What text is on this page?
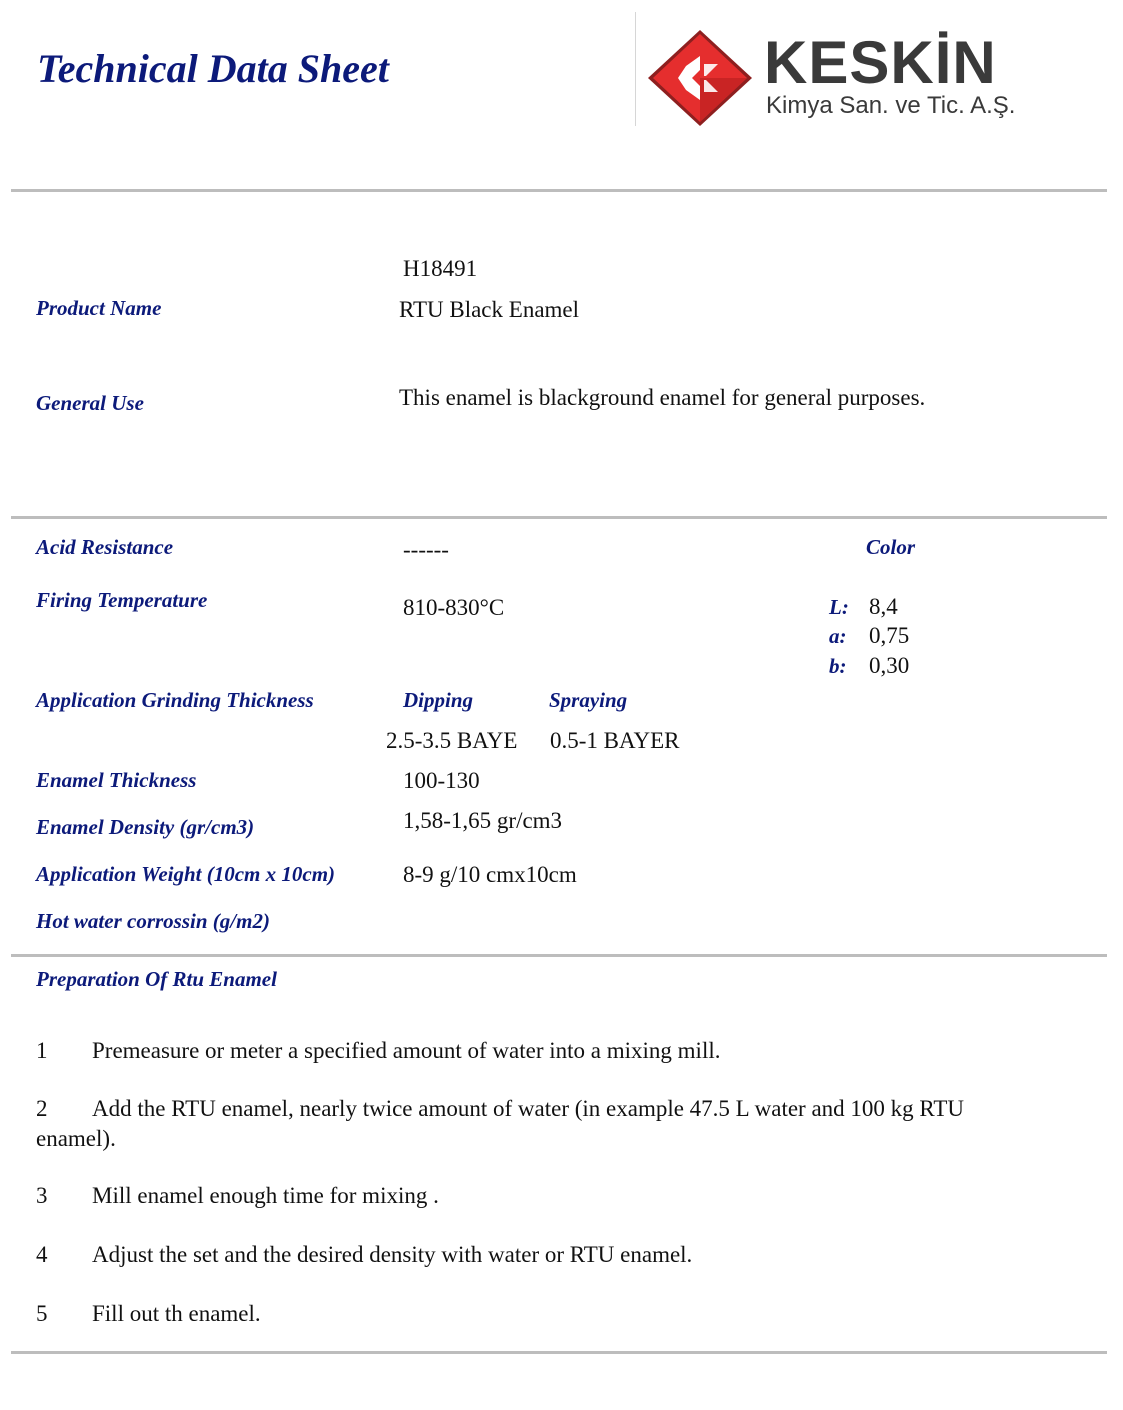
Technical Data Sheet	KESKİN
Kimya San. ve Tic. A.Ş.
H18491
Product Name	RTU Black Enamel
General Use	This enamel is blackground enamel for general purposes.
Acid Resistance	------	Color
Firing Temperature	810-830°C	L: 8,4
a: 0,75
b: 0,30
Application Grinding Thickness	Dipping	Spraying
2.5-3.5 BAYE 0.5-1 BAYER
Enamel Thickness	100-130
Enamel Density (gr/cm3)	1,58-1,65 gr/cm3
Application Weight (10cm x 10cm)	8-9 g/10 cmx10cm
Hot water corrossin (g/m2)
Preparation Of Rtu Enamel
Premeasure or meter a specified amount of water into a mixing mill.
1
Add the RTU enamel, nearly twice amount of water (in example 47.5 L water and 100 kg RTU enamel).
2
Mill enamel enough time for mixing .
3
Adjust the set and the desired density with water or RTU enamel.
4
Fill out th enamel.
5
